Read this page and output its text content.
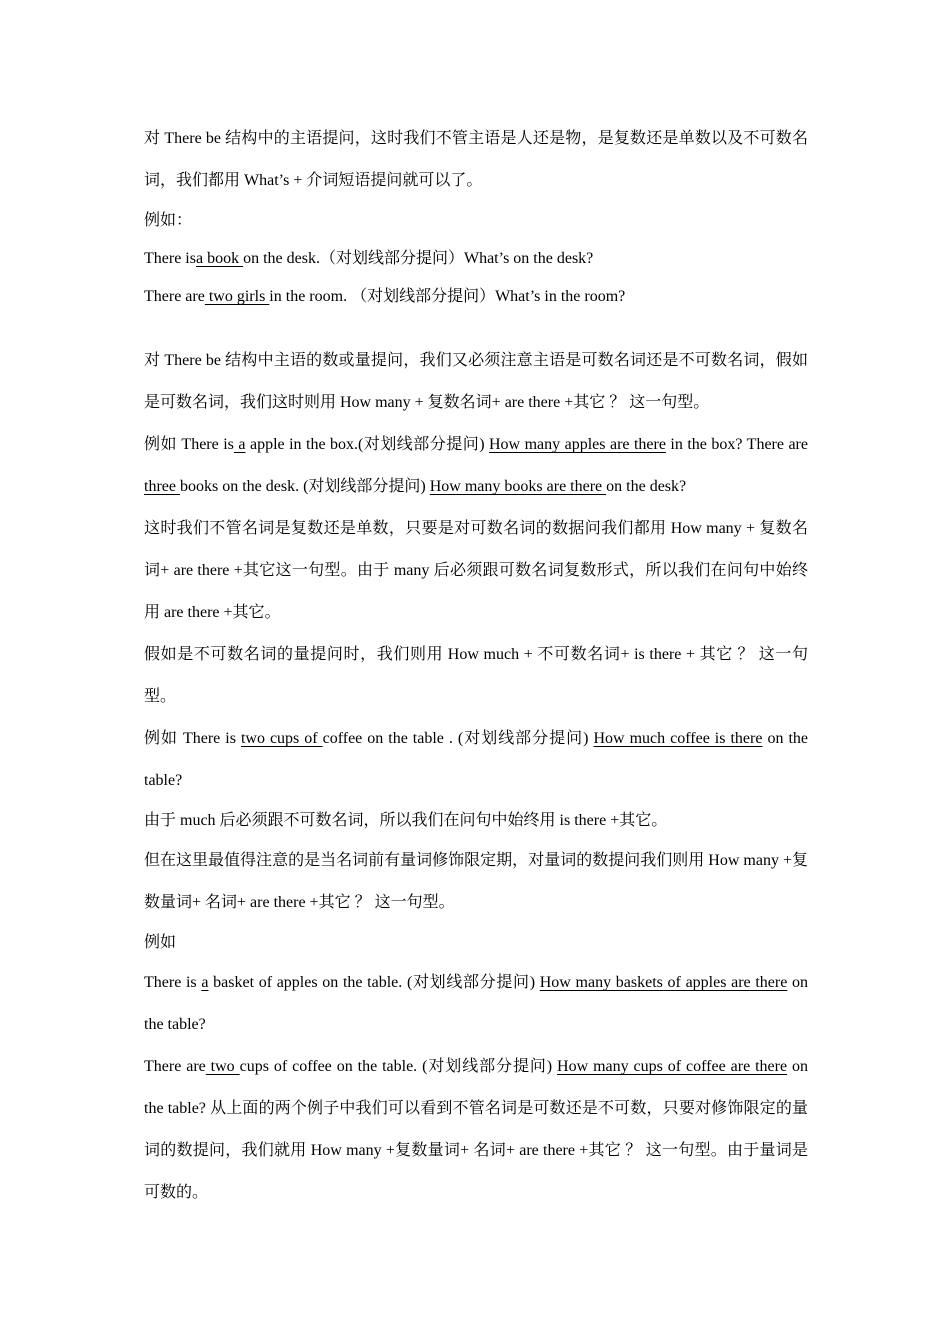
对 There be 结构中的主语提问，这时我们不管主语是人还是物，是复数还是单数以及不可数名词，我们都用 What’s + 介词短语提问就可以了。

例如：

There isa book on the desk.（对划线部分提问）What’s on the desk?

There are two girls in the room. （对划线部分提问）What’s in the room?

对 There be 结构中主语的数或量提问，我们又必须注意主语是可数名词还是不可数名词，假如是可数名词，我们这时则用 How many + 复数名词+ are there +其它 ？ 这一句型。

例如 There is a apple in the box.(对划线部分提问) How many apples are there in the box? There are three books on the desk. (对划线部分提问) How many books are there on the desk?

这时我们不管名词是复数还是单数，只要是对可数名词的数据问我们都用 How many + 复数名词+ are there +其它这一句型。由于 many 后必须跟可数名词复数形式，所以我们在问句中始终用 are there +其它。

假如是不可数名词的量提问时，我们则用 How much + 不可数名词+ is there + 其它 ？ 这一句型。

例如 There is two cups of coffee on the table . (对划线部分提问) How much coffee is there on the table?

由于 much 后必须跟不可数名词，所以我们在问句中始终用 is there +其它。

但在这里最值得注意的是当名词前有量词修饰限定期，对量词的数提问我们则用 How many +复数量词+ 名词+ are there +其它 ？ 这一句型。

例如

There is a basket of apples on the table. (对划线部分提问) How many baskets of apples are there on the table?

There are two cups of coffee on the table. (对划线部分提问) How many cups of coffee are there on the table? 从上面的两个例子中我们可以看到不管名词是可数还是不可数，只要对修饰限定的量词的数提问，我们就用 How many +复数量词+ 名词+ are there +其它 ？ 这一句型。由于量词是可数的。
